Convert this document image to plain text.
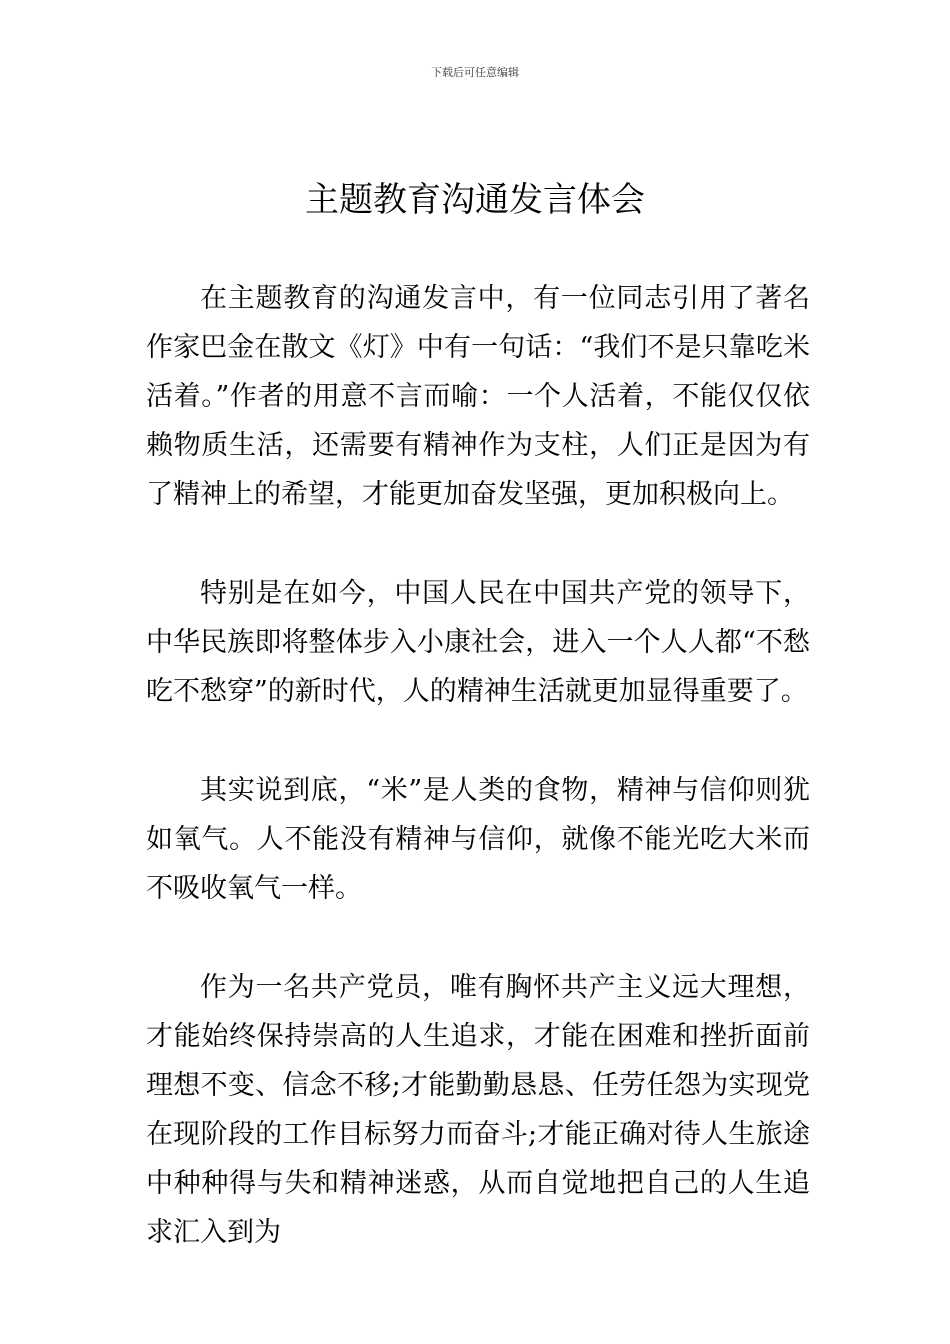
下载后可任意编辑
主题教育沟通发言体会

在主题教育的沟通发言中，有一位同志引用了著名作家巴金在散文《灯》中有一句话：“我们不是只靠吃米活着。”作者的用意不言而喻：一个人活着，不能仅仅依赖物质生活，还需要有精神作为支柱，人们正是因为有了精神上的希望，才能更加奋发坚强，更加积极向上。

特别是在如今，中国人民在中国共产党的领导下，中华民族即将整体步入小康社会，进入一个人人都“不愁吃不愁穿”的新时代，人的精神生活就更加显得重要了。

其实说到底，“米”是人类的食物，精神与信仰则犹如氧气。人不能没有精神与信仰，就像不能光吃大米而不吸收氧气一样。

作为一名共产党员，唯有胸怀共产主义远大理想，才能始终保持崇高的人生追求，才能在困难和挫折面前理想不变、信念不移;才能勤勤恳恳、任劳任怨为实现党在现阶段的工作目标努力而奋斗;才能正确对待人生旅途中种种得与失和精神迷惑，从而自觉地把自己的人生追求汇入到为
